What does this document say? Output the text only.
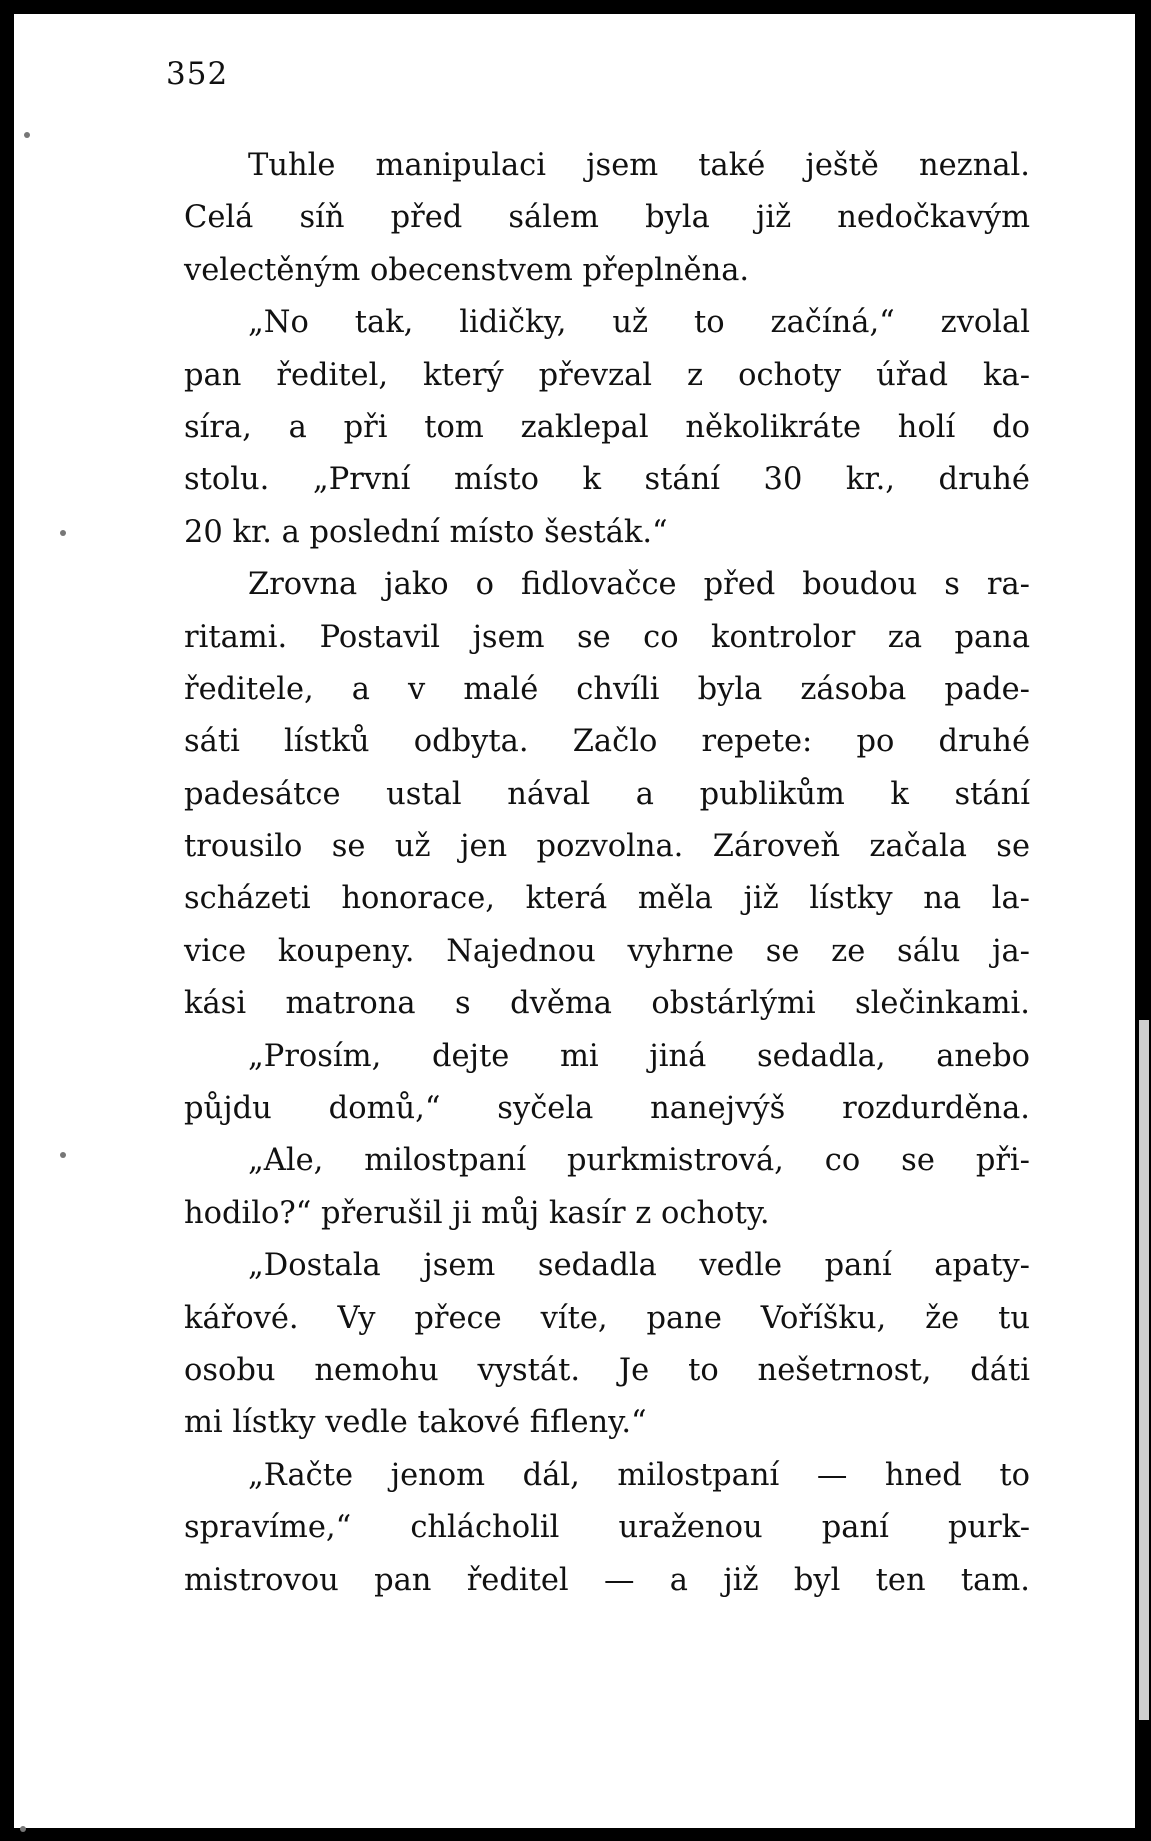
352
Tuhle manipulaci jsem také ještě neznal.
Celá síň před sálem byla již nedočkavým
velectěným obecenstvem přeplněna.
„No tak, lidičky, už to začíná,“ zvolal
pan ředitel, který převzal z ochoty úřad ka-
síra, a při tom zaklepal několikráte holí do
stolu. „První místo k stání 30 kr., druhé
20 kr. a poslední místo šesták.“
Zrovna jako o fidlovačce před boudou s ra-
ritami. Postavil jsem se co kontrolor za pana
ředitele, a v malé chvíli byla zásoba pade-
sáti lístků odbyta. Začlo repete: po druhé
padesátce ustal nával a publikům k stání
trousilo se už jen pozvolna. Zároveň začala se
scházeti honorace, která měla již lístky na la-
vice koupeny. Najednou vyhrne se ze sálu ja-
kási matrona s dvěma obstárlými slečinkami.
„Prosím, dejte mi jiná sedadla, anebo
půjdu domů,“ syčela nanejvýš rozdurděna.
„Ale, milostpaní purkmistrová, co se při-
hodilo?“ přerušil ji můj kasír z ochoty.
„Dostala jsem sedadla vedle paní apaty-
kářové. Vy přece víte, pane Voříšku, že tu
osobu nemohu vystát. Je to nešetrnost, dáti
mi lístky vedle takové fifleny.“
„Račte jenom dál, milostpaní — hned to
spravíme,“ chlácholil uraženou paní purk-
mistrovou pan ředitel — a již byl ten tam.
